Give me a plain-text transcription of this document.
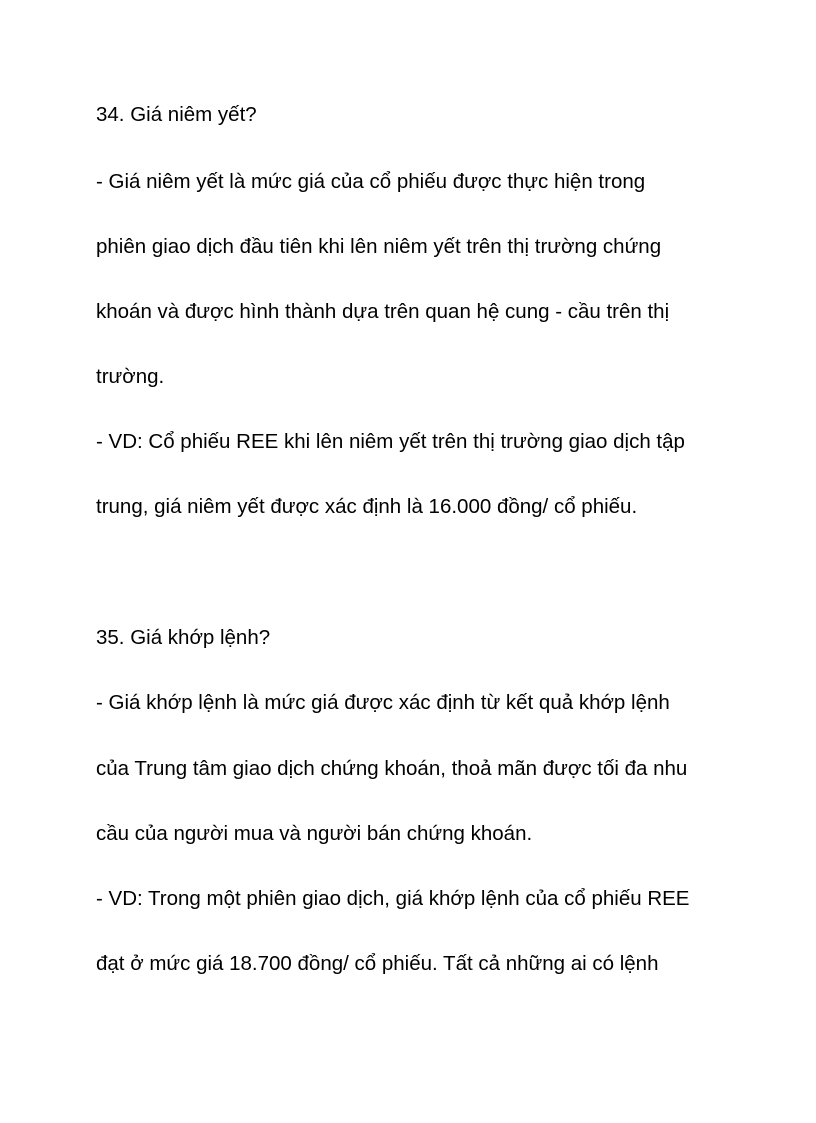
34. Giá niêm yết?

- Giá niêm yết là mức giá của cổ phiếu được thực hiện trong

phiên giao dịch đầu tiên khi lên niêm yết trên thị trường chứng

khoán và được hình thành dựa trên quan hệ cung - cầu trên thị

trường.

- VD: Cổ phiếu REE khi lên niêm yết trên thị trường giao dịch tập

trung, giá niêm yết được xác định là 16.000 đồng/ cổ phiếu.

35. Giá khớp lệnh?

- Giá khớp lệnh là mức giá được xác định từ kết quả khớp lệnh

của Trung tâm giao dịch chứng khoán, thoả mãn được tối đa nhu

cầu của người mua và người bán chứng khoán.

- VD: Trong một phiên giao dịch, giá khớp lệnh của cổ phiếu REE

đạt ở mức giá 18.700 đồng/ cổ phiếu. Tất cả những ai có lệnh
